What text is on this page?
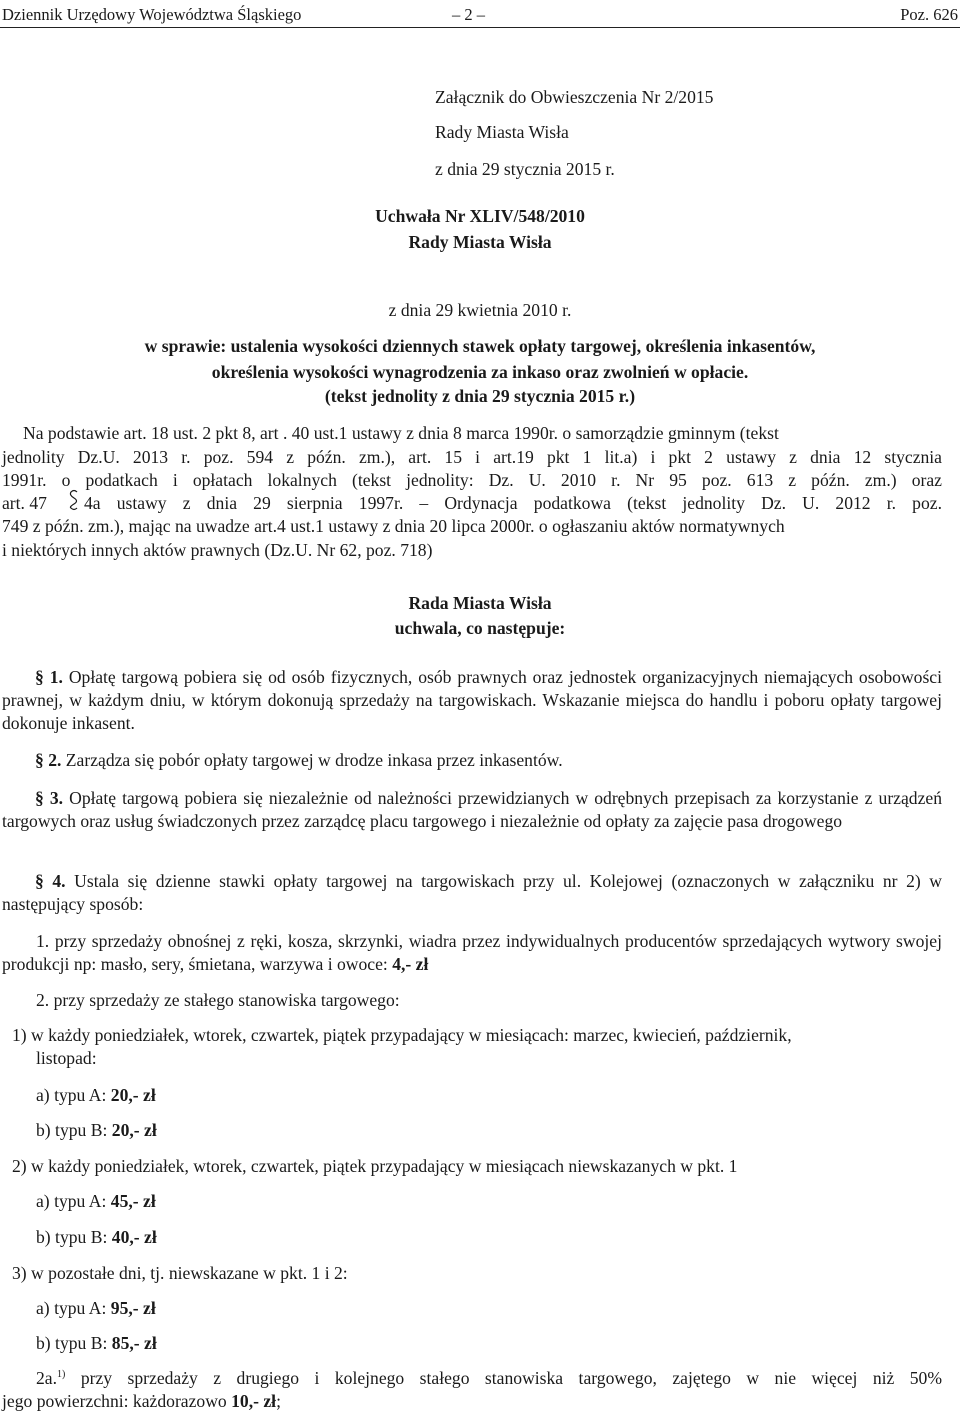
Dziennik Urzędowy Województwa Śląskiego	– 2 –	Poz. 626
Załącznik do Obwieszczenia Nr 2/2015
Rady Miasta Wisła
z dnia 29 stycznia 2015 r.
Uchwała Nr XLIV/548/2010
Rady Miasta Wisła
z dnia 29 kwietnia 2010 r.
w sprawie: ustalenia wysokości dziennych stawek opłaty targowej, określenia inkasentów,
określenia wysokości wynagrodzenia za inkaso oraz zwolnień w opłacie.
(tekst jednolity z dnia 29 stycznia 2015 r.)
Na podstawie art. 18 ust. 2 pkt 8, art . 40 ust.1 ustawy z dnia 8 marca 1990r. o samorządzie gminnym (tekst
jednolity Dz.U. 2013 r. poz. 594 z późn. zm.), art. 15 i art.19 pkt 1 lit.a) i pkt 2 ustawy z dnia 12 stycznia
1991r. o podatkach i opłatach lokalnych (tekst jednolity: Dz. U. 2010 r. Nr 95 poz. 613 z późn. zm.) oraz
art. 47 4a ustawy z dnia 29 sierpnia 1997r. – Ordynacja podatkowa (tekst jednolity Dz. U. 2012 r. poz.
749 z późn. zm.), mając na uwadze art.4 ust.1 ustawy z dnia 20 lipca 2000r. o ogłaszaniu aktów normatywnych
i niektórych innych aktów prawnych (Dz.U. Nr 62, poz. 718)
Rada Miasta Wisła
uchwala, co następuje:
§ 1. Opłatę targową pobiera się od osób fizycznych, osób prawnych oraz jednostek organizacyjnych niemających osobowości prawnej, w każdym dniu, w którym dokonują sprzedaży na targowiskach. Wskazanie miejsca do handlu i poboru opłaty targowej dokonuje inkasent.
§ 2. Zarządza się pobór opłaty targowej w drodze inkasa przez inkasentów.
§ 3. Opłatę targową pobiera się niezależnie od należności przewidzianych w odrębnych przepisach za korzystanie z urządzeń targowych oraz usług świadczonych przez zarządcę placu targowego i niezależnie od opłaty za zajęcie pasa drogowego
§ 4. Ustala się dzienne stawki opłaty targowej na targowiskach przy ul. Kolejowej (oznaczonych w załączniku nr 2) w następujący sposób:
1. przy sprzedaży obnośnej z ręki, kosza, skrzynki, wiadra przez indywidualnych producentów sprzedających wytwory swojej produkcji np: masło, sery, śmietana, warzywa i owoce: 4,- zł
2. przy sprzedaży ze stałego stanowiska targowego:
1) w każdy poniedziałek, wtorek, czwartek, piątek przypadający w miesiącach: marzec, kwiecień, październik,
listopad:
a) typu A: 20,- zł
b) typu B: 20,- zł
2) w każdy poniedziałek, wtorek, czwartek, piątek przypadający w miesiącach niewskazanych w pkt. 1
a) typu A: 45,- zł
b) typu B: 40,- zł
3) w pozostałe dni, tj. niewskazane w pkt. 1 i 2:
a) typu A: 95,- zł
b) typu B: 85,- zł
2a.$^{1)}$ przy sprzedaży z drugiego i kolejnego stałego stanowiska targowego, zajętego w nie więcej niż 50%
jego powierzchni: każdorazowo 10,- zł;
